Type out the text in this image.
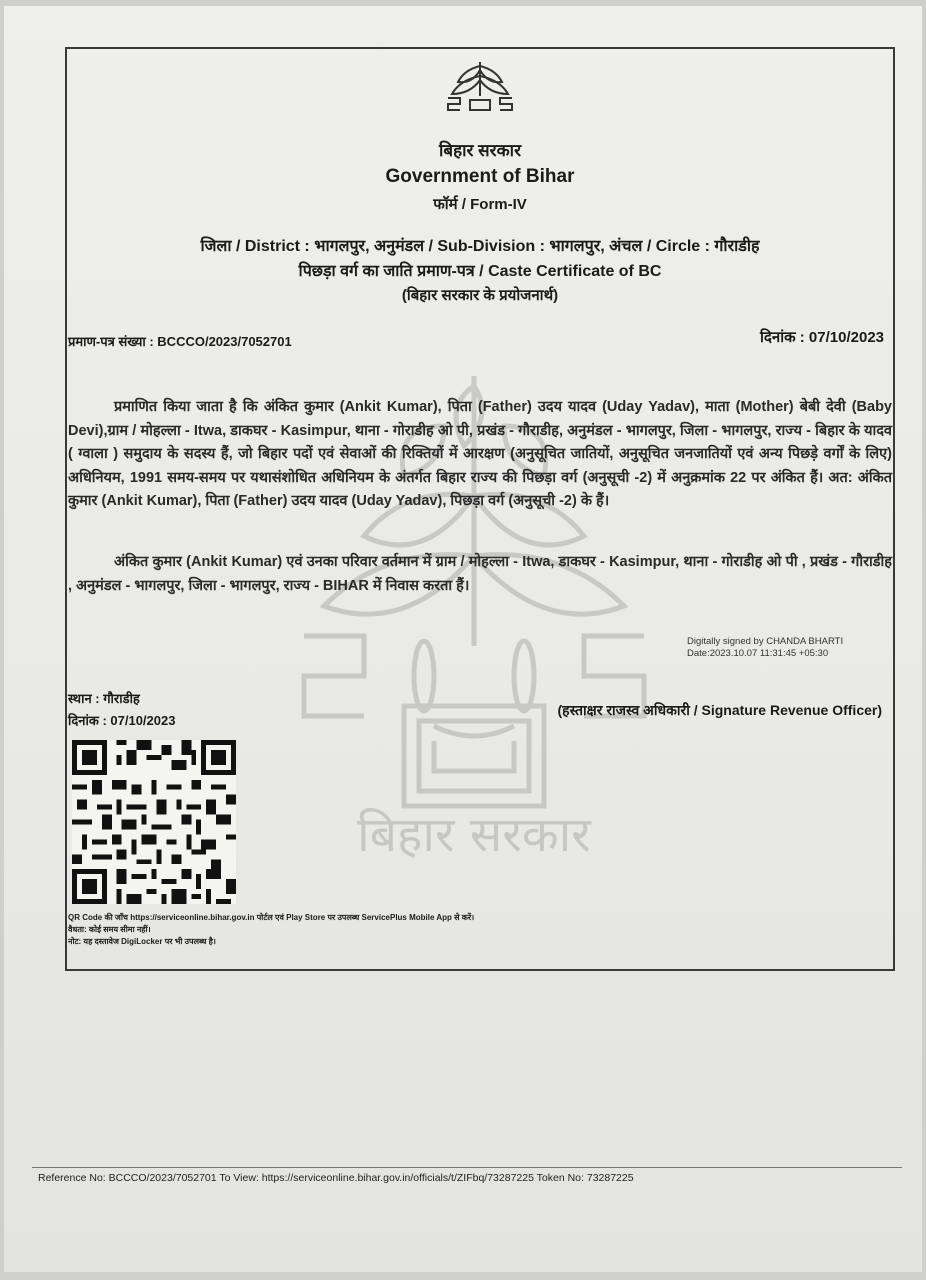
बिहार सरकार
बिहार सरकार
Government of Bihar
फॉर्म / Form-IV
जिला / District : भागलपुर, अनुमंडल / Sub-Division : भागलपुर, अंचल / Circle : गौराडीह
पिछड़ा वर्ग का जाति प्रमाण-पत्र / Caste Certificate of BC
(बिहार सरकार के प्रयोजनार्थ)
प्रमाण-पत्र संख्या : BCCCO/2023/7052701	दिनांक : 07/10/2023
प्रमाणित किया जाता है कि अंकित कुमार (Ankit Kumar), पिता (Father) उदय यादव (Uday Yadav), माता (Mother) बेबी देवी (Baby Devi),ग्राम / मोहल्ला - Itwa, डाकघर - Kasimpur, थाना - गोराडीह ओ पी, प्रखंड - गौराडीह, अनुमंडल - भागलपुर, जिला - भागलपुर, राज्य - बिहार के यादव ( ग्वाला ) समुदाय के सदस्य हैं, जो बिहार पदों एवं सेवाओं की रिक्तियों में आरक्षण (अनुसूचित जातियों, अनुसूचित जनजातियों एवं अन्य पिछड़े वर्गों के लिए) अधिनियम, 1991 समय-समय पर यथासंशोधित अधिनियम के अंतर्गत बिहार राज्य की पिछड़ा वर्ग (अनुसूची -2) में अनुक्रमांक 22 पर अंकित हैं। अत: अंकित कुमार (Ankit Kumar), पिता (Father) उदय यादव (Uday Yadav), पिछड़ा वर्ग (अनुसूची -2) के हैं।
अंकित कुमार (Ankit Kumar) एवं उनका परिवार वर्तमान में ग्राम / मोहल्ला - Itwa, डाकघर - Kasimpur, थाना - गोराडीह ओ पी , प्रखंड - गौराडीह , अनुमंडल - भागलपुर, जिला - भागलपुर, राज्य - BIHAR में निवास करता हैं।
Digitally signed by CHANDA BHARTI
Date:2023.10.07 11:31:45 +05:30
स्थान : गौराडीह
दिनांक : 07/10/2023
(हस्ताक्षर राजस्व अधिकारी / Signature Revenue Officer)
QR Code की जाँच https://serviceonline.bihar.gov.in पोर्टल एवं Play Store पर उपलब्ध ServicePlus Mobile App से करें।
वैधता: कोई समय सीमा नहीं।
नोट: यह दस्तावेज DigiLocker पर भी उपलब्ध है।
Reference No: BCCCO/2023/7052701 To View: https://serviceonline.bihar.gov.in/officials/t/ZIFbq/73287225 Token No: 73287225
